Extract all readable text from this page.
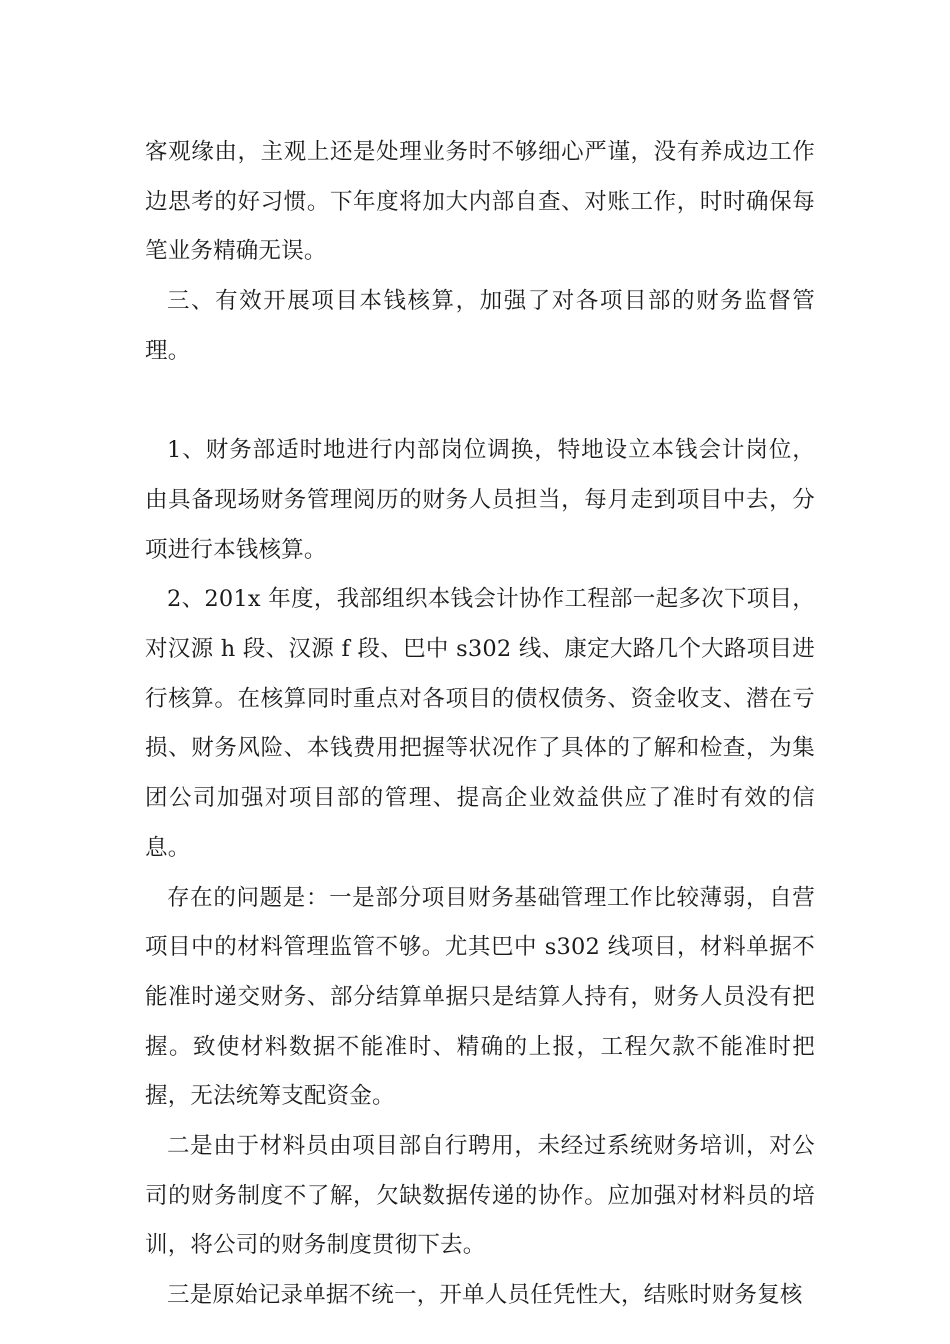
客观缘由，主观上还是处理业务时不够细心严谨，没有养成边工作边思考的好习惯。下年度将加大内部自查、对账工作，时时确保每笔业务精确无误。

三、有效开展项目本钱核算，加强了对各项目部的财务监督管理。

1、财务部适时地进行内部岗位调换，特地设立本钱会计岗位，由具备现场财务管理阅历的财务人员担当，每月走到项目中去，分项进行本钱核算。

2、201x 年度，我部组织本钱会计协作工程部一起多次下项目，对汉源 h 段、汉源 f 段、巴中 s302 线、康定大路几个大路项目进行核算。在核算同时重点对各项目的债权债务、资金收支、潜在亏损、财务风险、本钱费用把握等状况作了具体的了解和检查，为集团公司加强对项目部的管理、提高企业效益供应了准时有效的信息。

存在的问题是：一是部分项目财务基础管理工作比较薄弱，自营项目中的材料管理监管不够。尤其巴中 s302 线项目，材料单据不能准时递交财务、部分结算单据只是结算人持有，财务人员没有把握。致使材料数据不能准时、精确的上报，工程欠款不能准时把握，无法统筹支配资金。

二是由于材料员由项目部自行聘用，未经过系统财务培训，对公司的财务制度不了解，欠缺数据传递的协作。应加强对材料员的培训，将公司的财务制度贯彻下去。

三是原始记录单据不统一，开单人员任凭性大，结账时财务复核
